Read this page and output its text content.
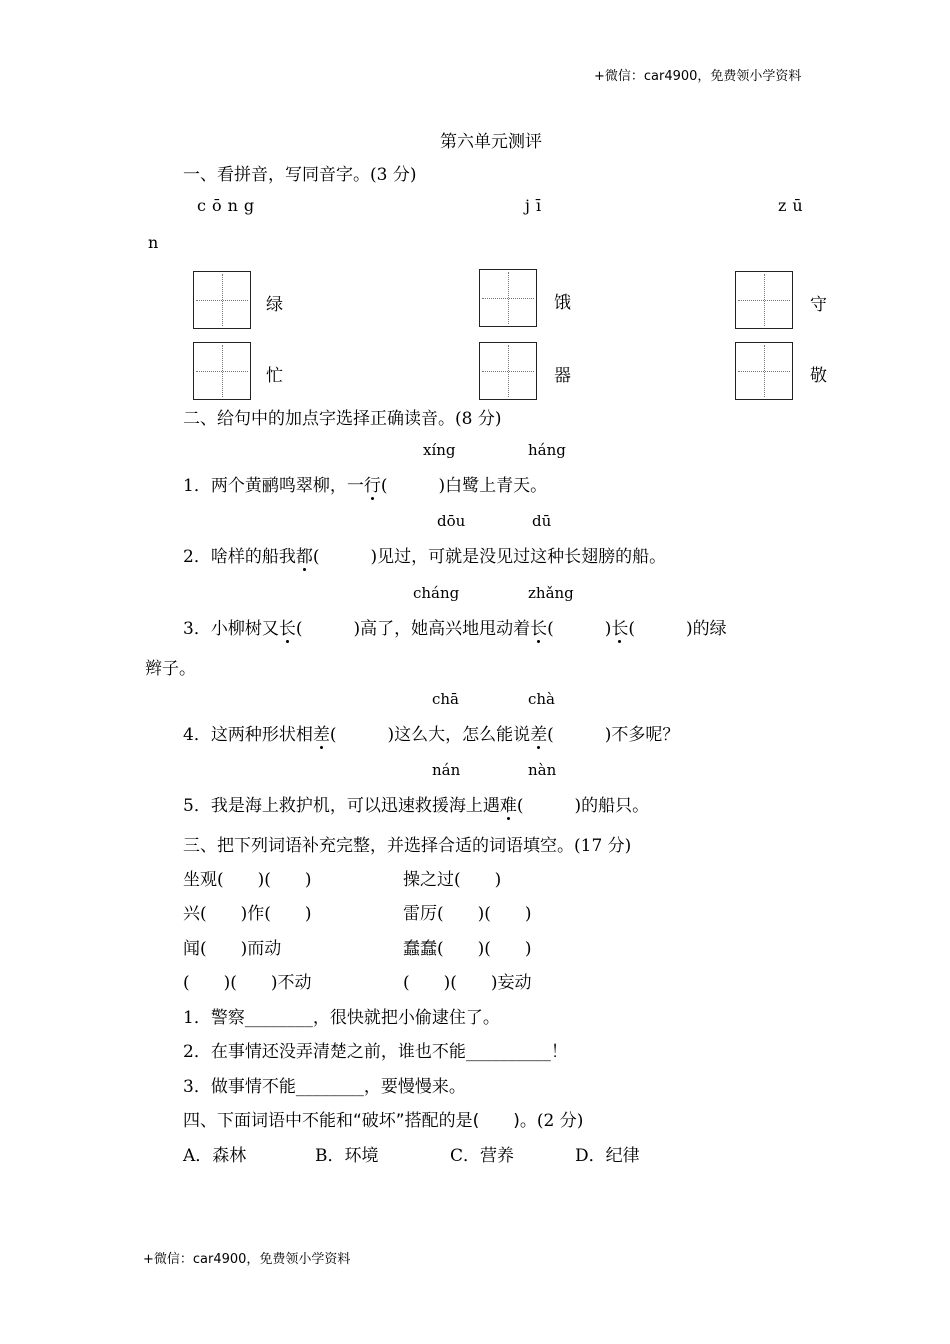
+微信：car4900，免费领小学资料
+微信：car4900，免费领小学资料
第六单元测评
一、看拼音，写同音字。(3 分)
cōng	jī	zū
n
绿	饿	守
忙	器	敬
二、给句中的加点字选择正确读音。(8 分)
xíng	háng
1．两个黄鹂鸣翠柳，一行(　　　)白鹭上青天。
dōu	dū
2．啥样的船我都(　　　)见过，可就是没见过这种长翅膀的船。
cháng	zhǎng
3．小柳树又长(　　　)高了，她高兴地甩动着长(　　　)长(　　　)的绿
辫子。
chā	chà
4．这两种形状相差(　　　)这么大，怎么能说差(　　　)不多呢？
nán	nàn
5．我是海上救护机，可以迅速救援海上遇难(　　　)的船只。
三、把下列词语补充完整，并选择合适的词语填空。(17 分)
坐观(　　)(　　)	操之过(　　)
兴(　　)作(　　)	雷厉(　　)(　　)
闻(　　)而动	蠢蠢(　　)(　　)
(　　)(　　)不动	(　　)(　　)妄动
1．警察________，很快就把小偷逮住了。
2．在事情还没弄清楚之前，谁也不能__________！
3．做事情不能________，要慢慢来。
四、下面词语中不能和“破坏”搭配的是(　　)。(2 分)
A．森林	B．环境	C．营养	D．纪律
